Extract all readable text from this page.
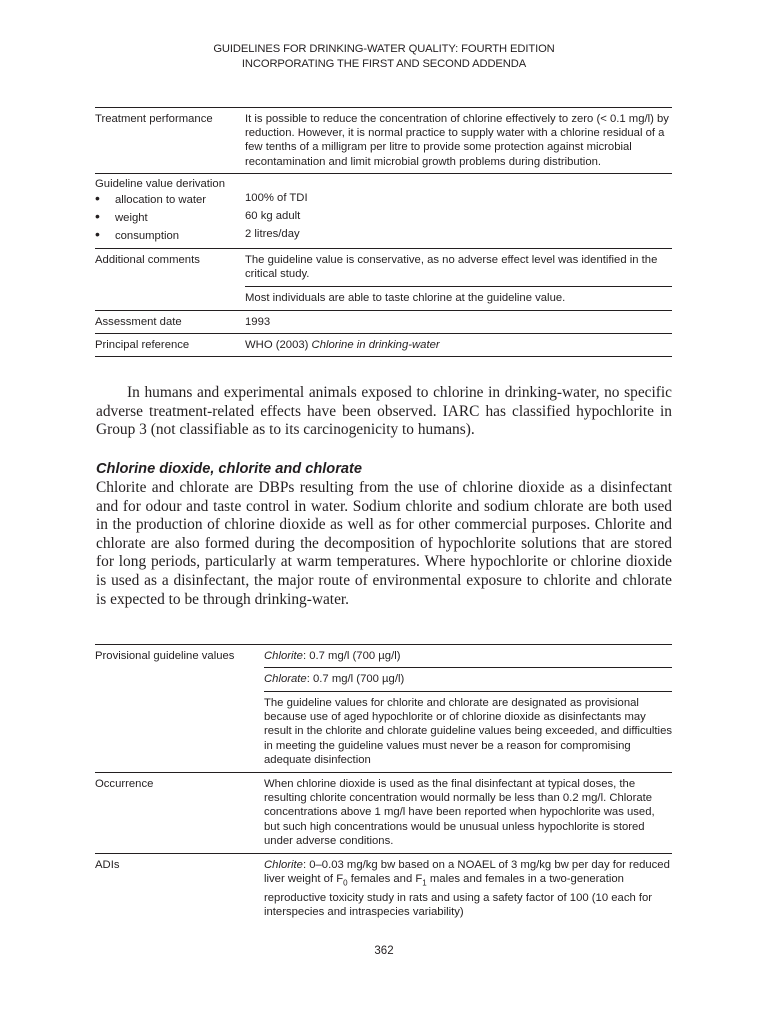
GUIDELINES FOR DRINKING-WATER QUALITY: FOURTH EDITION
INCORPORATING THE FIRST AND SECOND ADDENDA
Treatment performance	It is possible to reduce the concentration of chlorine effectively to zero (< 0.1 mg/l) by reduction. However, it is normal practice to supply water with a chlorine residual of a few tenths of a milligram per litre to provide some protection against microbial recontamination and limit microbial growth problems during distribution.
Guideline value derivation	
•allocation to water	100% of TDI
•weight	60 kg adult
•consumption	2 litres/day
Additional comments	The guideline value is conservative, as no adverse effect level was identified in the critical study.
	Most individuals are able to taste chlorine at the guideline value.
Assessment date	1993
Principal reference	WHO (2003) Chlorine in drinking-water

In humans and experimental animals exposed to chlorine in drinking-water, no specific adverse treatment-related effects have been observed. IARC has classified hypochlorite in Group 3 (not classifiable as to its carcinogenicity to humans).

Chlorine dioxide, chlorite and chlorate

Chlorite and chlorate are DBPs resulting from the use of chlorine dioxide as a disinfectant and for odour and taste control in water. Sodium chlorite and sodium chlorate are both used in the production of chlorine dioxide as well as for other commercial purposes. Chlorite and chlorate are also formed during the decomposition of hypochlorite solutions that are stored for long periods, particularly at warm temperatures. Where hypochlorite or chlorine dioxide is used as a disinfectant, the major route of environmental exposure to chlorite and chlorate is expected to be through drinking-water.

Provisional guideline values	Chlorite: 0.7 mg/l (700 µg/l)
	Chlorate: 0.7 mg/l (700 µg/l)
	The guideline values for chlorite and chlorate are designated as provisional because use of aged hypochlorite or of chlorine dioxide as disinfectants may result in the chlorite and chlorate guideline values being exceeded, and difficulties in meeting the guideline values must never be a reason for compromising adequate disinfection
Occurrence	When chlorine dioxide is used as the final disinfectant at typical doses, the resulting chlorite concentration would normally be less than 0.2 mg/l. Chlorate concentrations above 1 mg/l have been reported when hypochlorite was used, but such high concentrations would be unusual unless hypochlorite is stored under adverse conditions.
ADIs	Chlorite: 0–0.03 mg/kg bw based on a NOAEL of 3 mg/kg bw per day for reduced liver weight of $F_0$ females and $F_1$ males and females in a two-generation reproductive toxicity study in rats and using a safety factor of 100 (10 each for interspecies and intraspecies variability)
362
